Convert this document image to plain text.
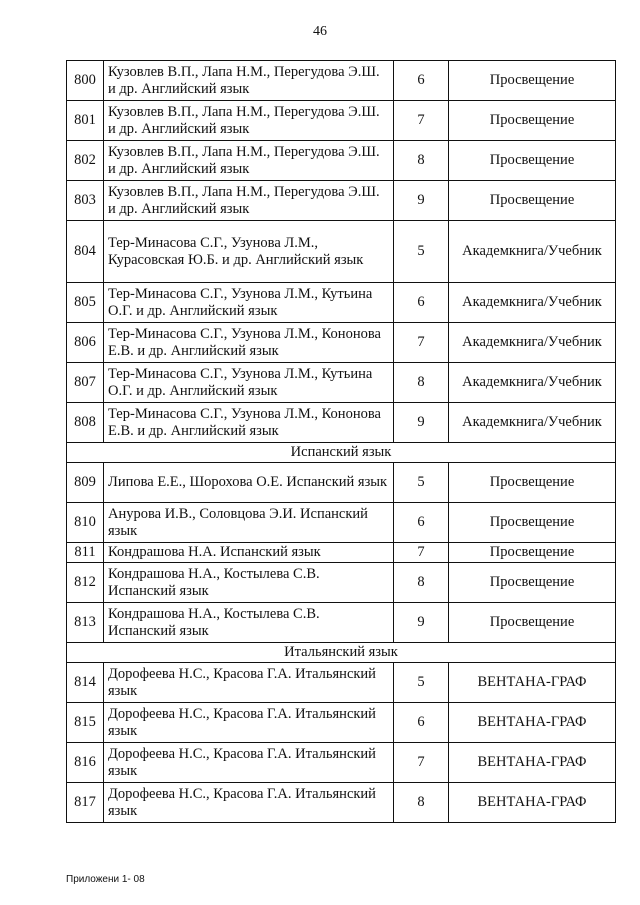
46
800	Кузовлев В.П., Лапа Н.М., Перегудова Э.Ш. и др. Английский язык	6	Просвещение
801	Кузовлев В.П., Лапа Н.М., Перегудова Э.Ш. и др. Английский язык	7	Просвещение
802	Кузовлев В.П., Лапа Н.М., Перегудова Э.Ш. и др. Английский язык	8	Просвещение
803	Кузовлев В.П., Лапа Н.М., Перегудова Э.Ш. и др. Английский язык	9	Просвещение
804	Тер-Минасова С.Г., Узунова Л.М., Курасовская Ю.Б. и др. Английский язык	5	Академкнига/Учебник
805	Тер-Минасова С.Г., Узунова Л.М., Кутьина О.Г. и др. Английский язык	6	Академкнига/Учебник
806	Тер-Минасова С.Г., Узунова Л.М., Кононова Е.В. и др. Английский язык	7	Академкнига/Учебник
807	Тер-Минасова С.Г., Узунова Л.М., Кутьина О.Г. и др. Английский язык	8	Академкнига/Учебник
808	Тер-Минасова С.Г., Узунова Л.М., Кононова Е.В. и др. Английский язык	9	Академкнига/Учебник
Испанский язык			
809	Липова Е.Е., Шорохова О.Е. Испанский язык	5	Просвещение
810	Анурова И.В., Соловцова Э.И. Испанский язык	6	Просвещение
811	Кондрашова Н.А. Испанский язык	7	Просвещение
812	Кондрашова Н.А., Костылева С.В. Испанский язык	8	Просвещение
813	Кондрашова Н.А., Костылева С.В. Испанский язык	9	Просвещение
Итальянский язык			
814	Дорофеева Н.С., Красова Г.А. Итальянский язык	5	ВЕНТАНА-ГРАФ
815	Дорофеева Н.С., Красова Г.А. Итальянский язык	6	ВЕНТАНА-ГРАФ
816	Дорофеева Н.С., Красова Г.А. Итальянский язык	7	ВЕНТАНА-ГРАФ
817	Дорофеева Н.С., Красова Г.А. Итальянский язык	8	ВЕНТАНА-ГРАФ
Приложени 1- 08
